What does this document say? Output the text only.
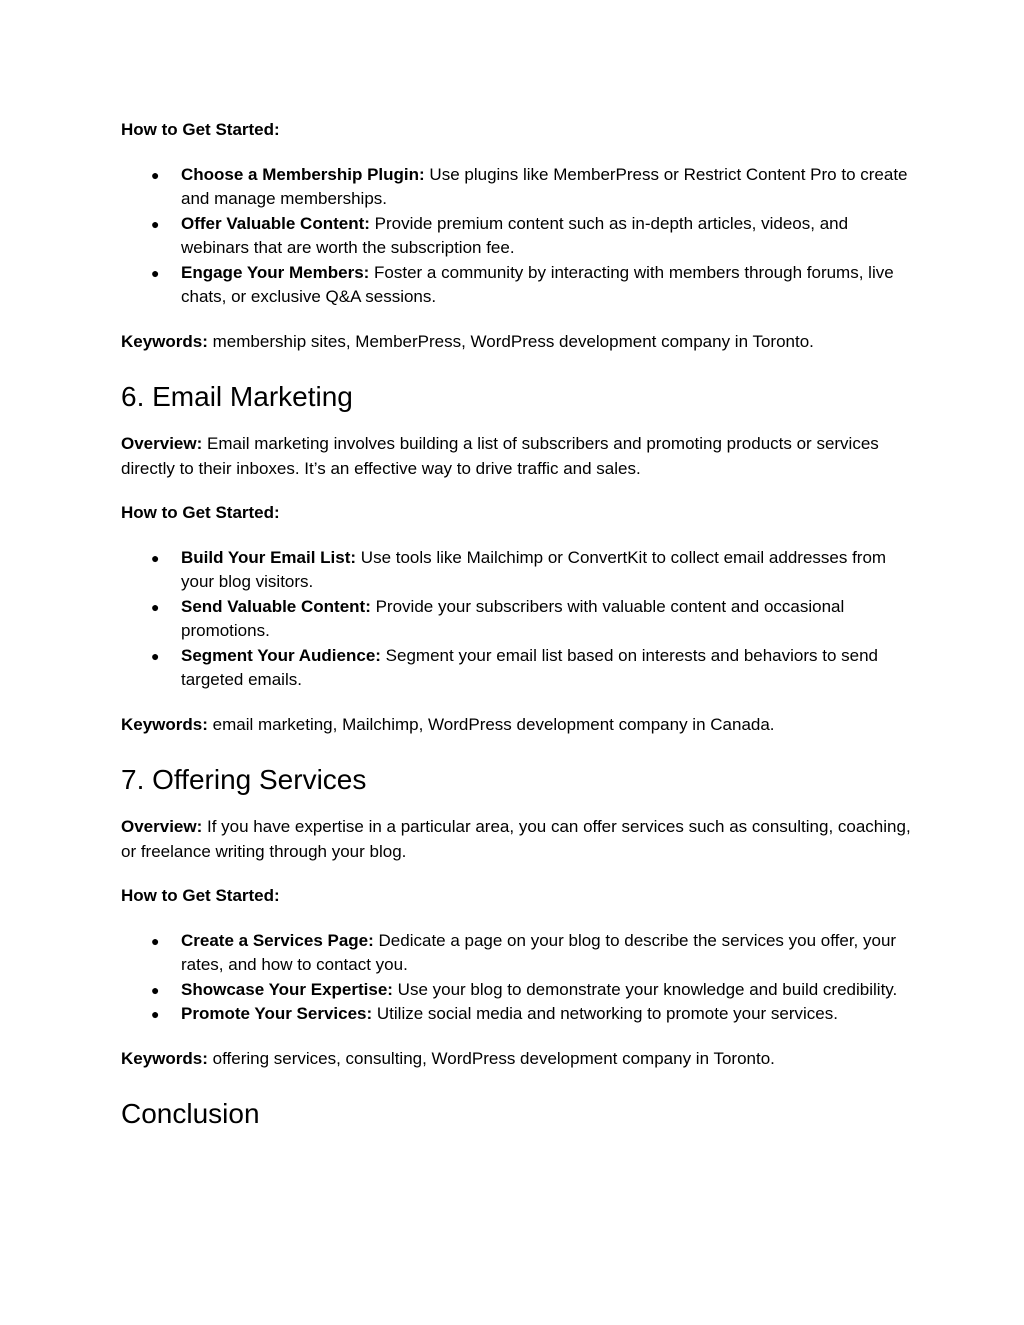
How to Get Started:

● Choose a Membership Plugin: Use plugins like MemberPress or Restrict Content Pro to create and manage memberships.
● Offer Valuable Content: Provide premium content such as in-depth articles, videos, and webinars that are worth the subscription fee.
● Engage Your Members: Foster a community by interacting with members through forums, live chats, or exclusive Q&A sessions.

Keywords: membership sites, MemberPress, WordPress development company in Toronto.

6. Email Marketing

Overview: Email marketing involves building a list of subscribers and promoting products or services directly to their inboxes. It’s an effective way to drive traffic and sales.

How to Get Started:

● Build Your Email List: Use tools like Mailchimp or ConvertKit to collect email addresses from your blog visitors.
● Send Valuable Content: Provide your subscribers with valuable content and occasional promotions.
● Segment Your Audience: Segment your email list based on interests and behaviors to send targeted emails.

Keywords: email marketing, Mailchimp, WordPress development company in Canada.

7. Offering Services

Overview: If you have expertise in a particular area, you can offer services such as consulting, coaching, or freelance writing through your blog.

How to Get Started:

● Create a Services Page: Dedicate a page on your blog to describe the services you offer, your rates, and how to contact you.
● Showcase Your Expertise: Use your blog to demonstrate your knowledge and build credibility.
● Promote Your Services: Utilize social media and networking to promote your services.

Keywords: offering services, consulting, WordPress development company in Toronto.

Conclusion
